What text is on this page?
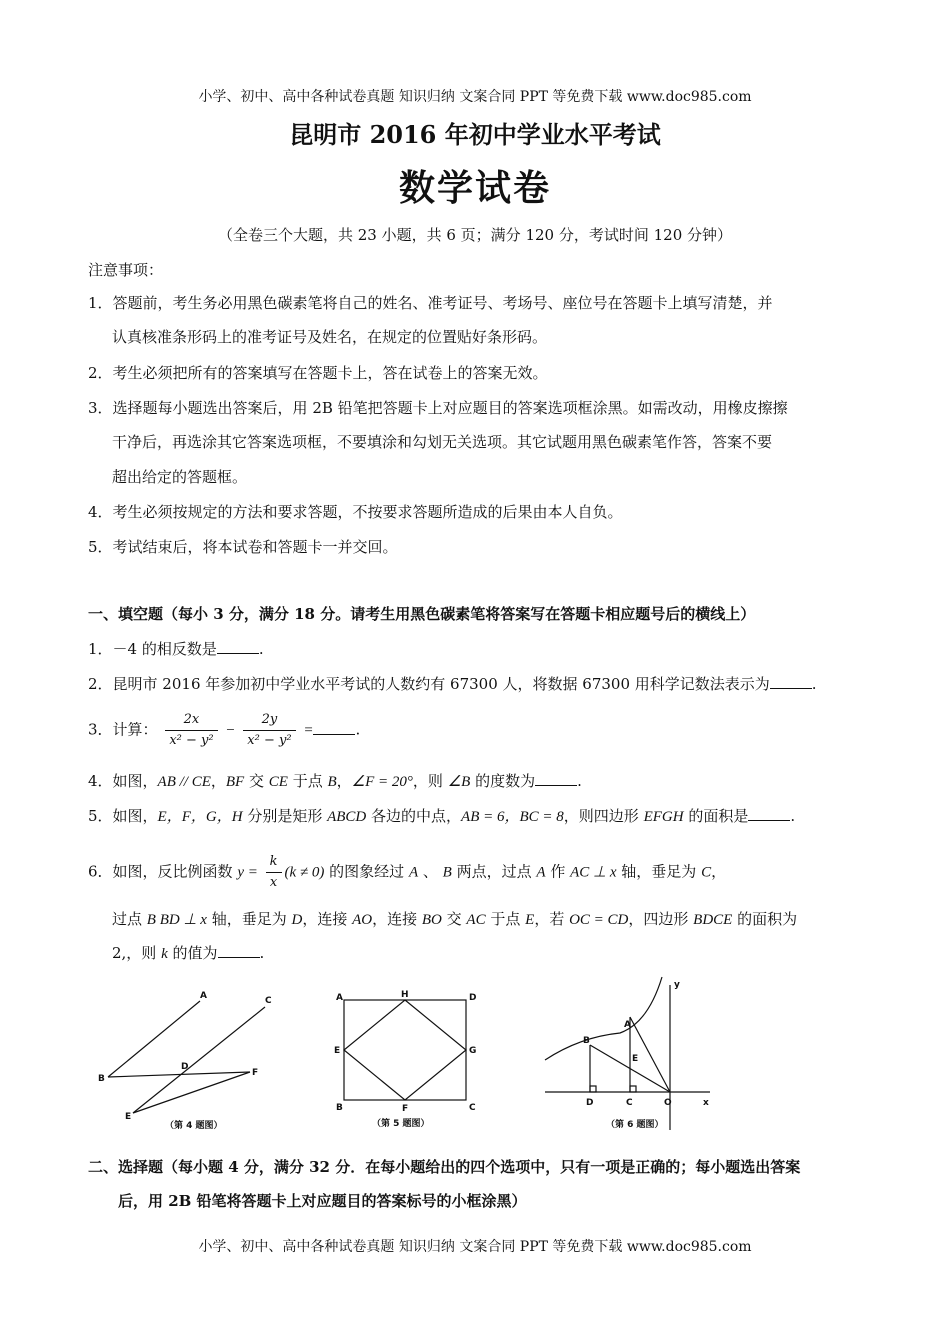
小学、初中、高中各种试卷真题 知识归纳 文案合同 PPT 等免费下载 www.doc985.com
昆明市 2016 年初中学业水平考试
数学试卷
（全卷三个大题，共 23 小题，共 6 页；满分 120 分，考试时间 120 分钟）
注意事项：
1．答题前，考生务必用黑色碳素笔将自己的姓名、准考证号、考场号、座位号在答题卡上填写清楚，并
认真核准条形码上的准考证号及姓名，在规定的位置贴好条形码。
2．考生必须把所有的答案填写在答题卡上，答在试卷上的答案无效。
3．选择题每小题选出答案后，用 2B 铅笔把答题卡上对应题目的答案选项框涂黑。如需改动，用橡皮擦擦
干净后，再选涂其它答案选项框，不要填涂和勾划无关选项。其它试题用黑色碳素笔作答，答案不要
超出给定的答题框。
4．考生必须按规定的方法和要求答题，不按要求答题所造成的后果由本人自负。
5．考试结束后，将本试卷和答题卡一并交回。
一、填空题（每小 3 分，满分 18 分。请考生用黑色碳素笔将答案写在答题卡相应题号后的横线上）
1．－4 的相反数是	.
2．昆明市 2016 年参加初中学业水平考试的人数约有 67300 人，将数据 67300 用科学记数法表示为	.
3．计算： $\frac{2x}{\text{x² − y²}} - \frac{2y}{\text{x² − y²}}$ =	.
4．如图，AB // CE，BF 交 CE 于点 B，∠F = 20°，则 ∠B 的度数为	.
5．如图，E，F，G，H 分别是矩形 ABCD 各边的中点，AB = 6，BC = 8，则四边形 EFGH 的面积是	.
6．如图，反比例函数 $y = \frac{k}{x} (k \ne 0)$ 的图象经过 A 、 B 两点，过点 A 作 AC ⊥ x 轴，垂足为 C，
过点 B BD ⊥ x 轴，垂足为 D，连接 AO，连接 BO 交 AC 于点 E，若 OC = CD，四边形 BDCE 的面积为
2,，则 k 的值为	.
A	C
B
D
F
E
（第 4 题图）
A	H	D
E	G
B	F	C
（第 5 题图）
A
y
B
E
D	C	O	x
（第 6 题图）
二、选择题（每小题 4 分，满分 32 分．在每小题给出的四个选项中，只有一项是正确的；每小题选出答案
后，用 2B 铅笔将答题卡上对应题目的答案标号的小框涂黑）
小学、初中、高中各种试卷真题 知识归纳 文案合同 PPT 等免费下载 www.doc985.com
